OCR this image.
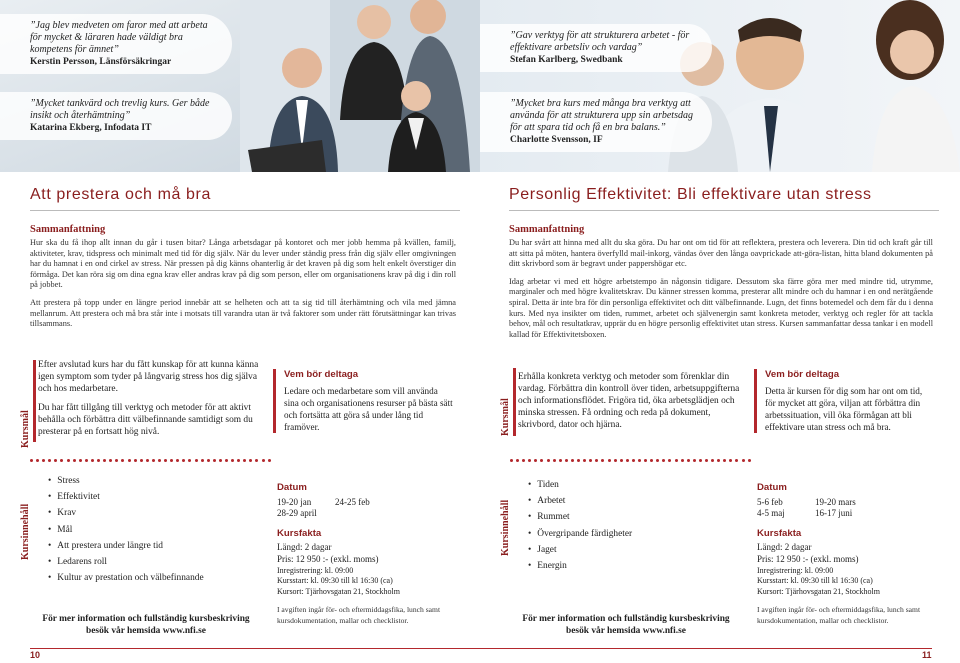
”Jag blev medveten om faror med att arbeta för mycket & läraren hade väldigt bra kompetens för ämnet”
Kerstin Persson, Länsförsäkringar
”Mycket tankvärd och trevlig kurs. Ger både insikt och återhämtning”
Katarina Ekberg, Infodata IT
Att prestera och må bra
Sammanfattning

Hur ska du få ihop allt innan du går i tusen bitar? Långa arbetsdagar på kontoret och mer jobb hemma på kvällen, familj, aktiviteter, krav, tidspress och minimalt med tid för dig själv. När du lever under ständig press från dig själv eller omgivningen har du hamnat i en ond cirkel av stress. När pressen på dig känns ohanterlig är det kraven på dig som helt enkelt överstiger din förmåga. Det kan röra sig om dina egna krav eller andras krav på dig som person, eller om organisationens krav på dig i din roll på jobbet.

Att prestera på topp under en längre period innebär att se helheten och att ta sig tid till återhämtning och vila med jämna mellanrum. Att prestera och må bra står inte i motsats till varandra utan är två faktorer som under rätt förutsättningar kan trivas tillsammans.

Kursmål

Efter avslutad kurs har du fått kunskap för att kunna känna igen symptom som tyder på långvarig stress hos dig själva och hos medarbetare.

Du har fått tillgång till verktyg och metoder för att aktivt behålla och förbättra ditt välbefinnande samtidigt som du presterar på en fortsatt hög nivå.

Vem bör deltaga
Ledare och medarbetare som vill använda sina och organisationens resurser på bästa sätt och fortsätta att göra så under lång tid framöver.
Kursinnehåll
• Stress
• Effektivitet
• Krav
• Mål
• Att prestera under längre tid
• Ledarens roll
• Kultur av prestation och välbefinnande
Datum
19-20 jan	24-25 feb
28-29 april
Kursfakta
Längd: 2 dagar
Pris: 12 950 :- (exkl. moms)
Inregistrering: kl. 09:00
Kursstart: kl. 09:30 till kl 16:30 (ca)
Kursort: Tjärhovsgatan 21, Stockholm
För mer information och fullständig kursbeskriving besök vår hemsida www.nfi.se
I avgiften ingår för- och eftermiddagsfika, lunch samt kursdokumentation, mallar och checklistor.
10
”Gav verktyg för att strukturera arbetet - för effektivare arbetsliv och vardag”
Stefan Karlberg, Swedbank
”Mycket bra kurs med många bra verktyg att använda för att strukturera upp sin arbetsdag för att spara tid och få en bra balans.”
Charlotte Svensson, IF
Personlig Effektivitet: Bli effektivare utan stress
Sammanfattning

Du har svårt att hinna med allt du ska göra. Du har ont om tid för att reflektera, prestera och leverera. Din tid och kraft går till att sitta på möten, hantera överfylld mail-inkorg, vändas över den långa oavprickade att-göra-listan, hitta bland dokumenten på ditt skrivbord som är begravt under pappershögar etc.

Idag arbetar vi med ett högre arbetstempo än någonsin tidigare. Dessutom ska färre göra mer med mindre tid, utrymme, marginaler och med högre kvalitetskrav. Du känner stressen komma, presterar allt mindre och du hamnar i en ond nerätgående spiral. Detta är inte bra för din personliga effektivitet och ditt välbefinnande. Lugn, det finns botemedel och dem får du i denna kurs. Med nya insikter om tiden, rummet, arbetet och självenergin samt konkreta metoder, verktyg och regler för att tackla behov, mål och resultatkrav, upprär du en högre personlig effektivitet utan stress. Kursen sammanfattar dessa tankar i en modell kallad för Effektivitetsboxen.

Kursmål

Erhålla konkreta verktyg och metoder som förenklar din vardag. Förbättra din kontroll över tiden, arbetsuppgifterna och informationsflödet. Frigöra tid, öka arbetsglädjen och minska stressen. Få ordning och reda på dokument, skrivbord, dator och hjärna.

Vem bör deltaga
Detta är kursen för dig som har ont om tid, för mycket att göra, viljan att förbättra din arbetssituation, vill öka förmågan att bli effektivare utan stress och må bra.
Kursinnehåll
• Tiden
• Arbetet
• Rummet
• Övergripande färdigheter
• Jaget
• Energin
Datum
5-6 feb	19-20 mars
4-5 maj	16-17 juni
Kursfakta
Längd: 2 dagar
Pris: 12 950 :- (exkl. moms)
Inregistrering: kl. 09:00
Kursstart: kl. 09:30 till kl 16:30 (ca)
Kursort: Tjärhovsgatan 21, Stockholm
För mer information och fullständig kursbeskriving besök vår hemsida www.nfi.se
I avgiften ingår för- och eftermiddagsfika, lunch samt kursdokumentation, mallar och checklistor.
11
